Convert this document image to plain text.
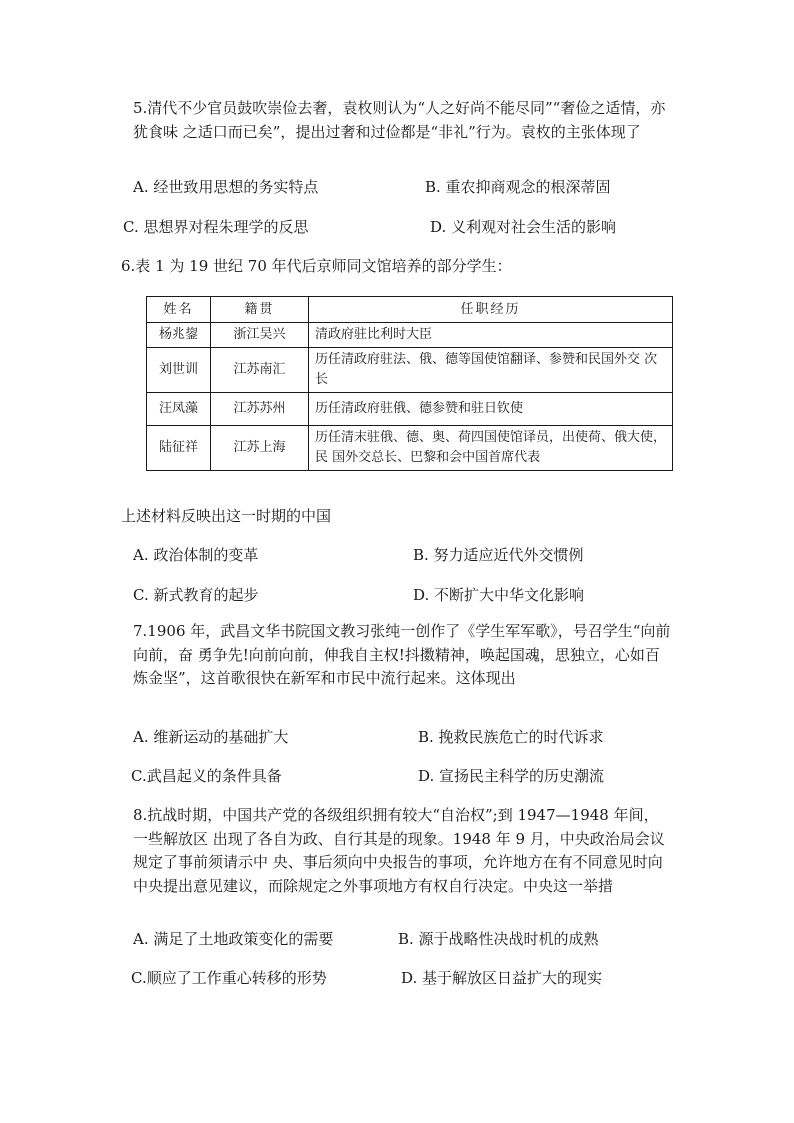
5.清代不少官员鼓吹崇俭去奢，袁枚则认为“人之好尚不能尽同”“奢俭之适情，亦犹食味 之适口而已矣”，提出过奢和过俭都是“非礼”行为。袁枚的主张体现了

A. 经世致用思想的务实特点	B. 重农抑商观念的根深蒂固
C. 思想界对程朱理学的反思	D. 义利观对社会生活的影响
6.表 1 为 19 世纪 70 年代后京师同文馆培养的部分学生：
姓名	籍贯	任职经历
杨兆鋆	浙江吴兴	清政府驻比利时大臣
刘世训	江苏南汇	历任清政府驻法、俄、德等国使馆翻译、参赞和民国外交 次长
汪凤藻	江苏苏州	历任清政府驻俄、德参赞和驻日钦使
陆征祥	江苏上海	历任清末驻俄、德、奥、荷四国使馆译员，出使荷、俄大使，民 国外交总长、巴黎和会中国首席代表
上述材料反映出这一时期的中国
A. 政治体制的变革	B. 努力适应近代外交惯例
C. 新式教育的起步	D. 不断扩大中华文化影响

7.1906 年，武昌文华书院国文教习张纯一创作了《学生军军歌》，号召学生“向前向前，奋 勇争先!向前向前，伸我自主权!抖擞精神，唤起国魂，思独立，心如百炼金坚”，这首歌很快在新军和市民中流行起来。这体现出

A. 维新运动的基础扩大	B. 挽救民族危亡的时代诉求
C.武昌起义的条件具备	D. 宣扬民主科学的历史潮流

8.抗战时期，中国共产党的各级组织拥有较大“自治权”;到 1947—1948 年间，一些解放区 出现了各自为政、自行其是的现象。1948 年 9 月，中央政治局会议规定了事前须请示中 央、事后须向中央报告的事项，允许地方在有不同意见时向中央提出意见建议，而除规定之外事项地方有权自行决定。中央这一举措

A. 满足了土地政策变化的需要	B. 源于战略性决战时机的成熟
C.顺应了工作重心转移的形势	D. 基于解放区日益扩大的现实
